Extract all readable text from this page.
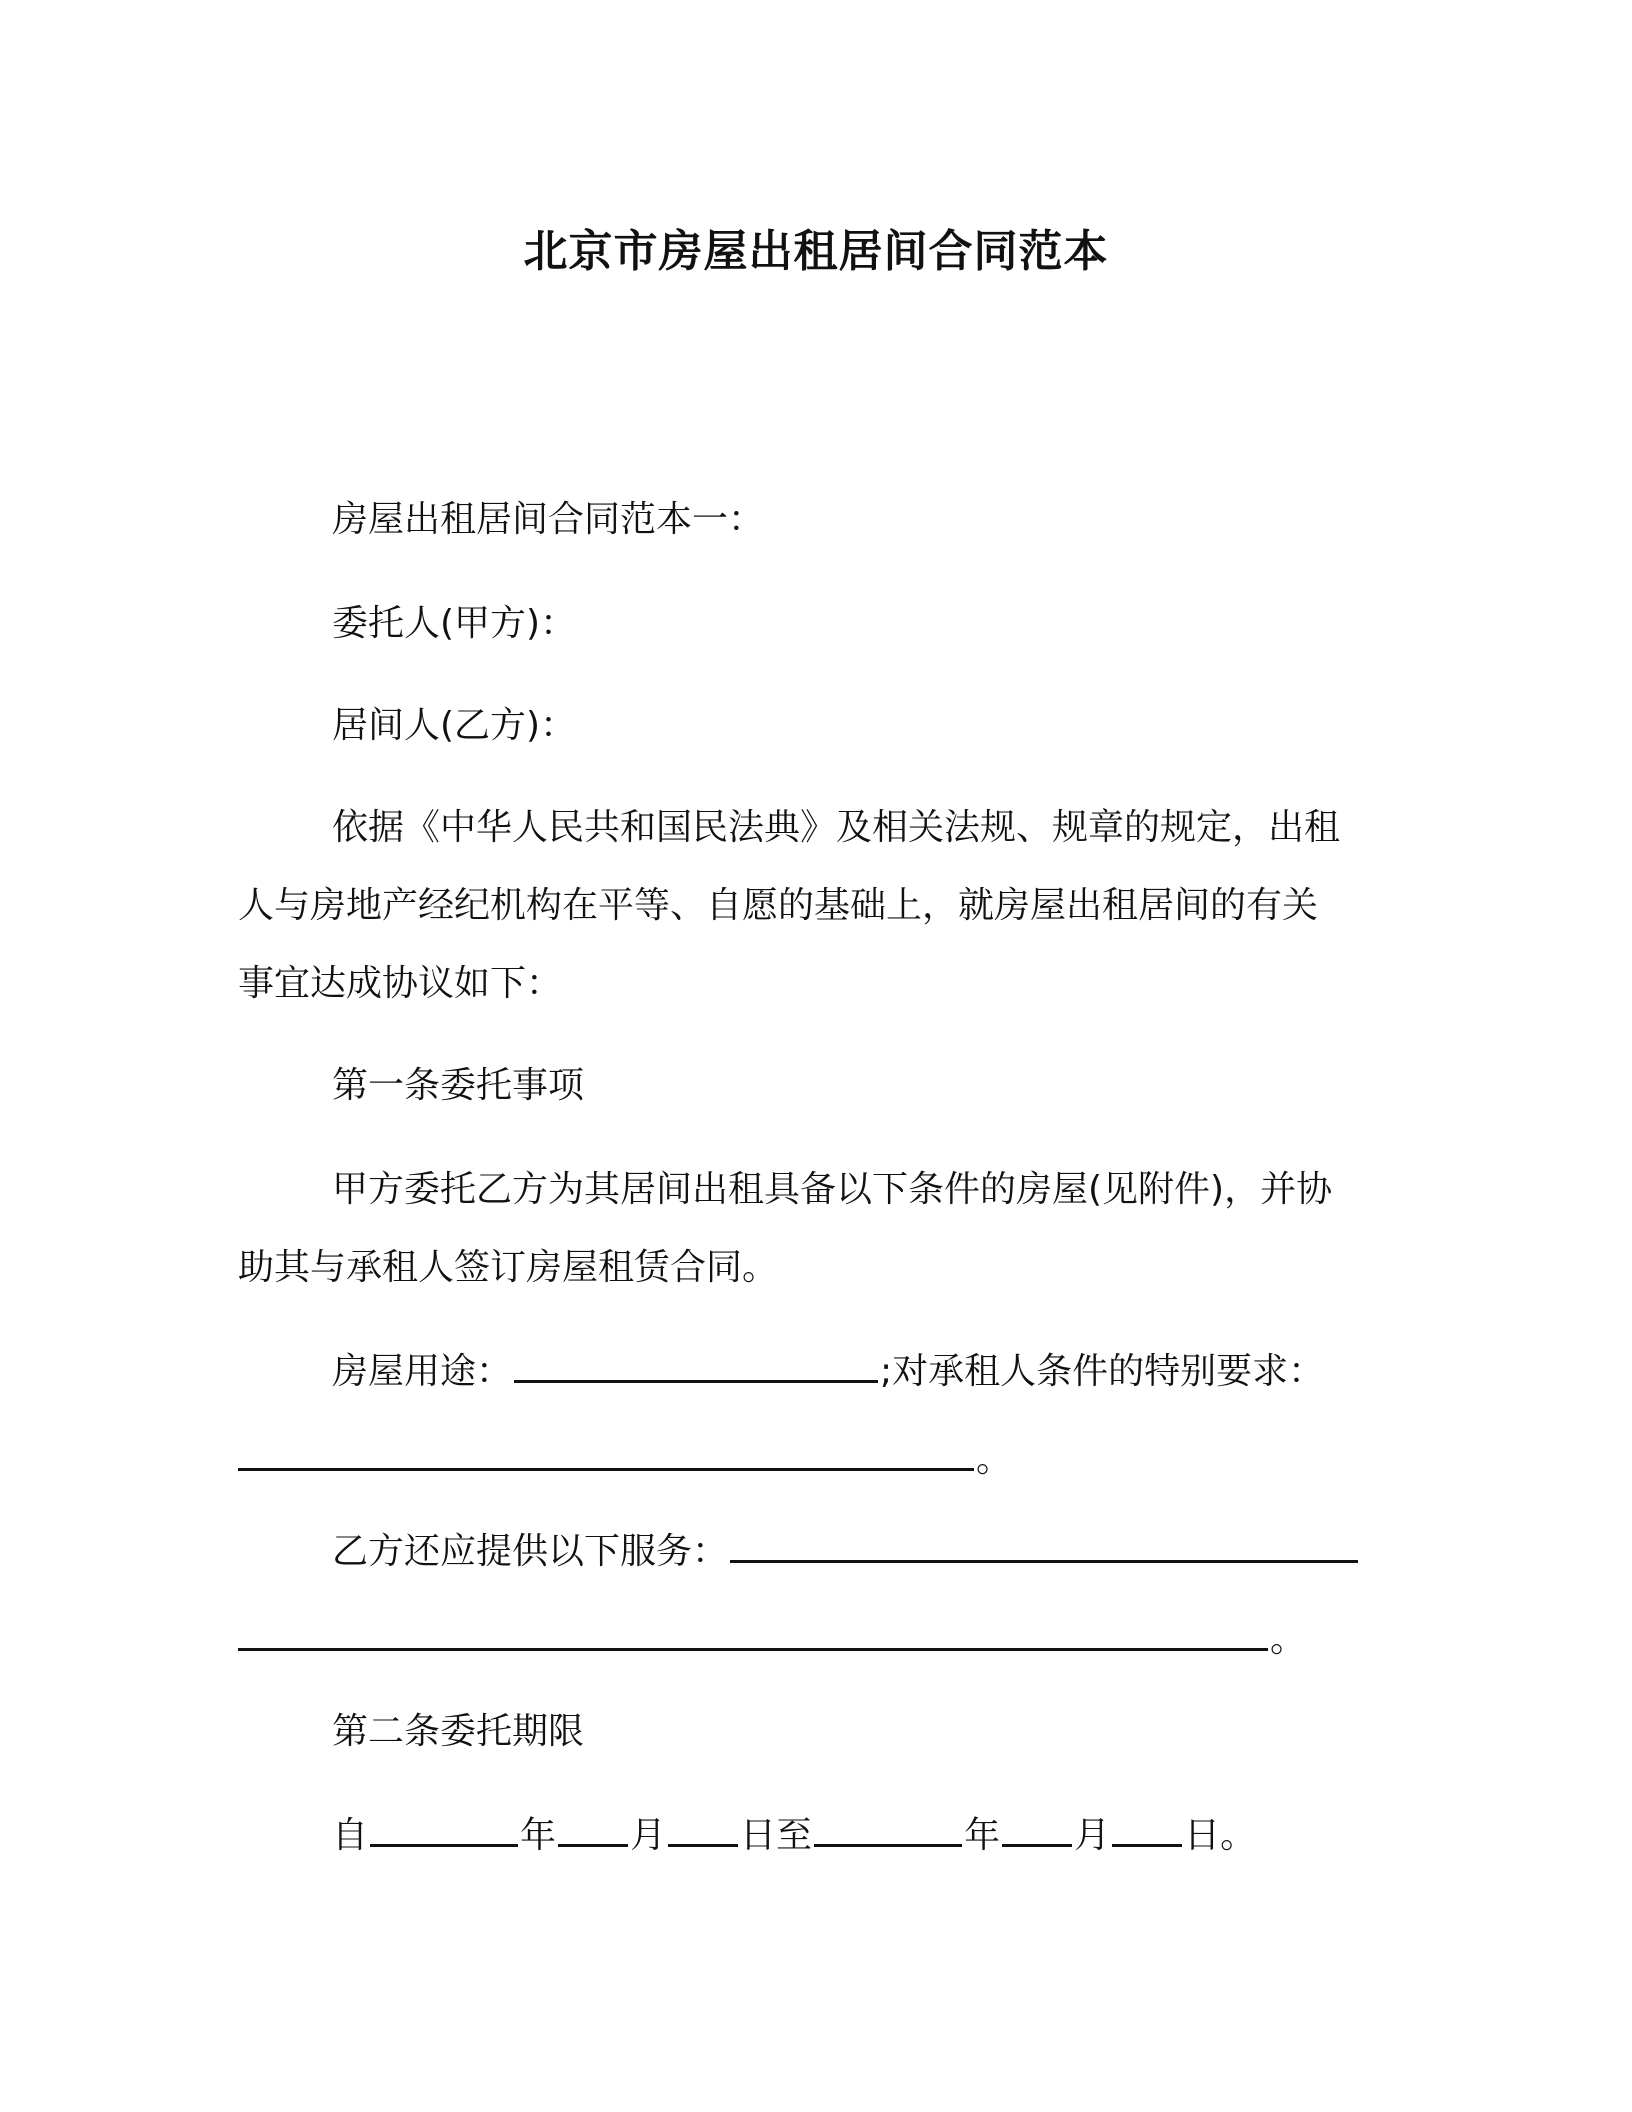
北京市房屋出租居间合同范本
房屋出租居间合同范本一：
委托人(甲方)：
居间人(乙方)：
依据《中华人民共和国民法典》及相关法规、规章的规定，出租
人与房地产经纪机构在平等、自愿的基础上，就房屋出租居间的有关
事宜达成协议如下：
第一条委托事项
甲方委托乙方为其居间出租具备以下条件的房屋(见附件)，并协
助其与承租人签订房屋租赁合同。
房屋用途：	;对承租人条件的特别要求：
。
乙方还应提供以下服务：
。
第二条委托期限
自	年 月 日至	年 月 日。
